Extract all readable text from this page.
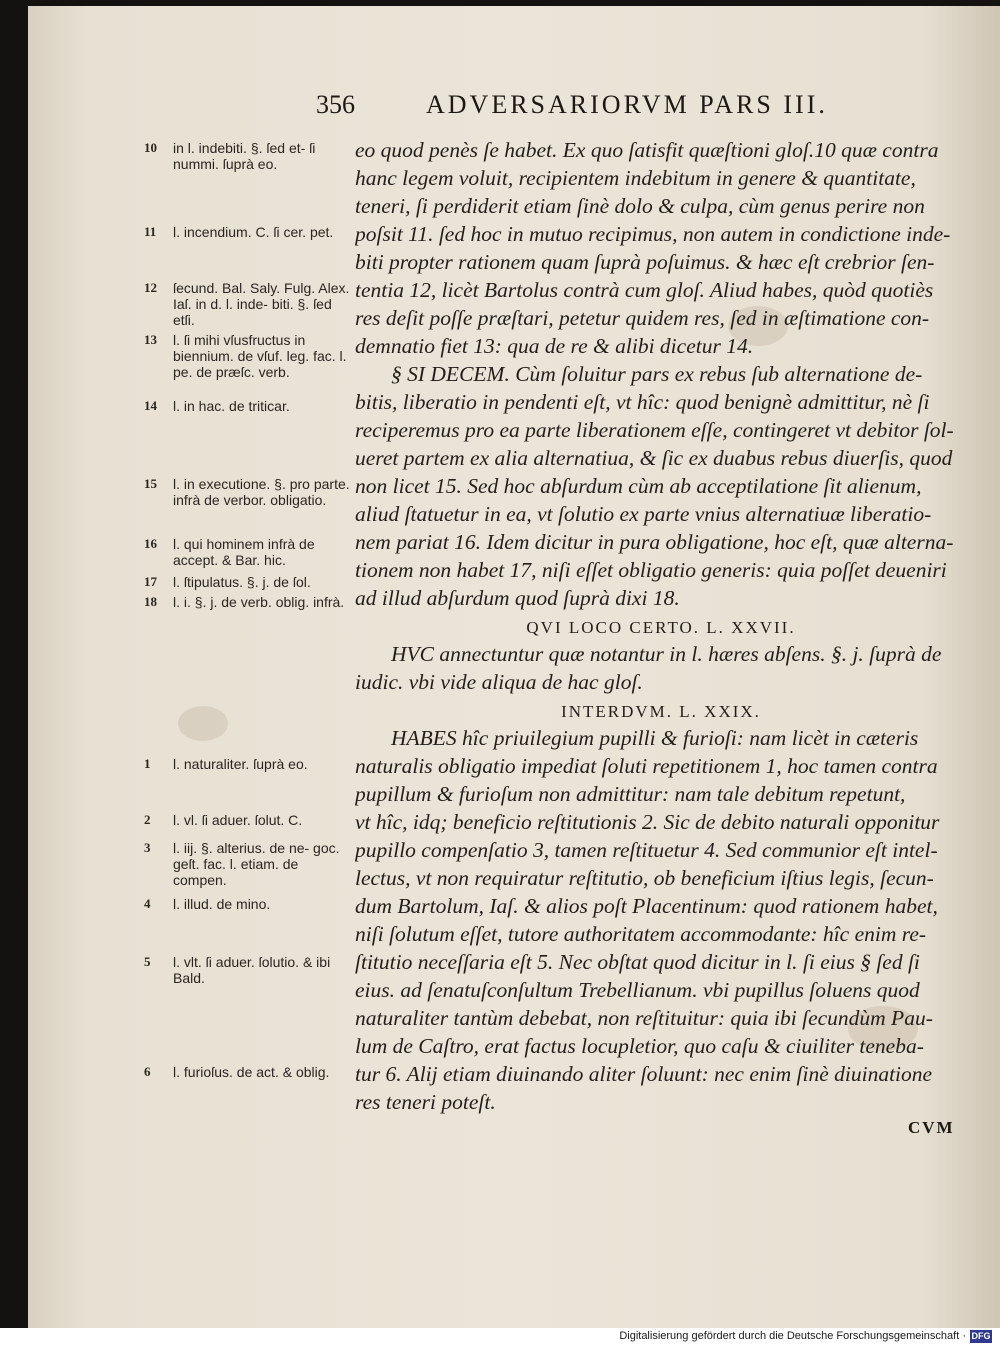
356	ADVERSARIORVM PARS III.
eo quod penès ſe habet. Ex quo ſatisfit quæſtioni gloſ.10 quæ contra
hanc legem voluit, recipientem indebitum in genere & quantitate,
teneri, ſi perdiderit etiam ſinè dolo & culpa, cùm genus perire non
poſsit 11. ſed hoc in mutuo recipimus, non autem in condictione inde-
biti propter rationem quam ſuprà poſuimus. & hæc eſt crebrior ſen-
tentia 12, licèt Bartolus contrà cum gloſ. Aliud habes, quòd quotiès
res deſit poſſe præſtari, petetur quidem res, ſed in æſtimatione con-
demnatio fiet 13: qua de re & alibi dicetur 14.
§ SI DECEM. Cùm ſoluitur pars ex rebus ſub alternatione de-
bitis, liberatio in pendenti eſt, vt hîc: quod benignè admittitur, nè ſi
reciperemus pro ea parte liberationem eſſe, contingeret vt debitor ſol-
ueret partem ex alia alternatiua, & ſic ex duabus rebus diuerſis, quod
non licet 15. Sed hoc abſurdum cùm ab acceptilatione ſit alienum,
aliud ſtatuetur in ea, vt ſolutio ex parte vnius alternatiuæ liberatio-
nem pariat 16. Idem dicitur in pura obligatione, hoc eſt, quæ alterna-
tionem non habet 17, niſi eſſet obligatio generis: quia poſſet deueniri
ad illud abſurdum quod ſuprà dixi 18.
QVI LOCO CERTO. L. XXVII.
HVC annectuntur quæ notantur in l. hæres abſens. §. j. ſuprà de
iudic. vbi vide aliqua de hac gloſ.
INTERDVM. L. XXIX.
HABES hîc priuilegium pupilli & furioſi: nam licèt in cæteris
naturalis obligatio impediat ſoluti repetitionem 1, hoc tamen contra
pupillum & furioſum non admittitur: nam tale debitum repetunt,
vt hîc, idq; beneficio reſtitutionis 2. Sic de debito naturali opponitur
pupillo compenſatio 3, tamen reſtituetur 4. Sed communior eſt intel-
lectus, vt non requiratur reſtitutio, ob beneficium iſtius legis, ſecun-
dum Bartolum, Iaſ. & alios poſt Placentinum: quod rationem habet,
niſi ſolutum eſſet, tutore authoritatem accommodante: hîc enim re-
ſtitutio neceſſaria eſt 5. Nec obſtat quod dicitur in l. ſi eius § ſed ſi
eius. ad ſenatuſconſultum Trebellianum. vbi pupillus ſoluens quod
naturaliter tantùm debebat, non reſtituitur: quia ibi ſecundùm Pau-
lum de Caſtro, erat factus locupletior, quo caſu & ciuiliter teneba-
tur 6. Alij etiam diuinando aliter ſoluunt: nec enim ſinè diuinatione
res teneri poteſt.
10	in l. indebiti. §. ſed et- ſi nummi. ſuprà eo.
11	l. incendium. C. ſi cer. pet.
12	ſecund. Bal. Saly. Fulg. Alex. Iaſ. in d. l. inde- biti. §. ſed etſi.
13	l. ſi mihi vſusfructus in biennium. de vſuf. leg. fac. l. pe. de præſc. verb.
14	l. in hac. de triticar.
15	l. in executione. §. pro parte. infrà de verbor. obligatio.
16	l. qui hominem infrà de accept. & Bar. hic.
17	l. ſtipulatus. §. j. de ſol.
18	l. i. §. j. de verb. oblig. infrà.
1	l. naturaliter. ſuprà eo.
2	l. vl. ſi aduer. ſolut. C.
3	l. iij. §. alterius. de ne- goc. geſt. fac. l. etiam. de compen.
4	l. illud. de mino.
5	l. vlt. ſi aduer. ſolutio. & ibi Bald.
6	l. furioſus. de act. & oblig.
CVM
Digitalisierung gefördert durch die Deutsche Forschungsgemeinschaft · DFG
